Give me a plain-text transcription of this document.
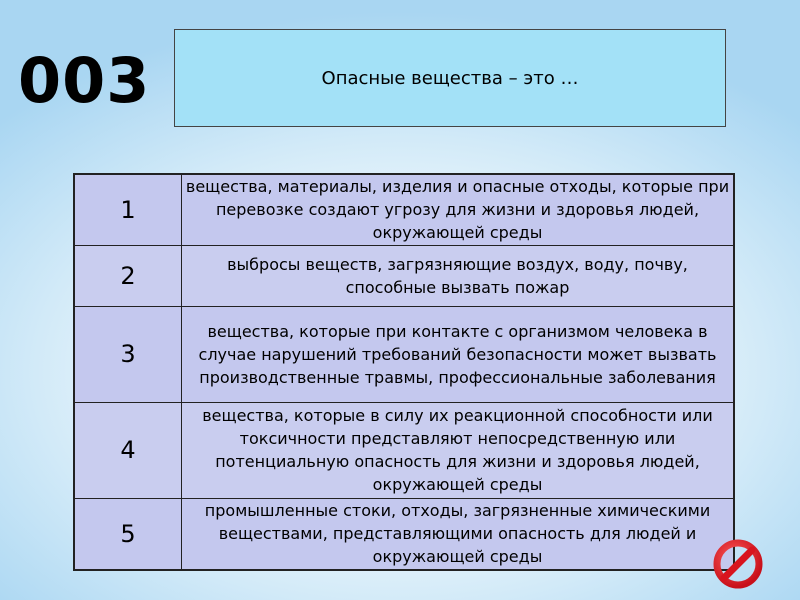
003	Опасные вещества – это …
1	вещества, материалы, изделия и опасные отходы, которые при перевозке создают угрозу для жизни и здоровья людей, окружающей среды
2	выбросы веществ, загрязняющие воздух, воду, почву, способные вызвать пожар
3	вещества, которые при контакте с организмом человека в случае нарушений требований безопасности может вызвать производственные травмы, профессиональные заболевания
4	вещества, которые в силу их реакционной способности или токсичности представляют непосредственную или потенциальную опасность для жизни и здоровья людей, окружающей среды
5	промышленные стоки, отходы, загрязненные химическими веществами, представляющими опасность для людей и окружающей среды
